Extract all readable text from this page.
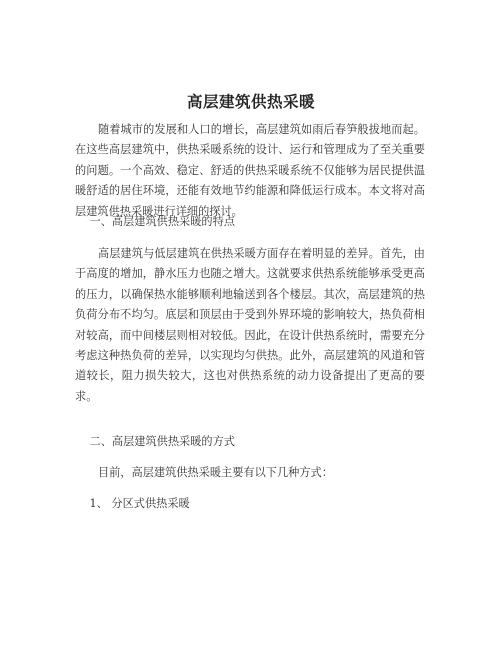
高层建筑供热采暖
随着城市的发展和人口的增长，高层建筑如雨后春笋般拔地而起。在这些高层建筑中，供热采暖系统的设计、运行和管理成为了至关重要的问题。一个高效、稳定、舒适的供热采暖系统不仅能够为居民提供温暖舒适的居住环境，还能有效地节约能源和降低运行成本。本文将对高层建筑供热采暖进行详细的探讨。
一、高层建筑供热采暖的特点
高层建筑与低层建筑在供热采暖方面存在着明显的差异。首先，由于高度的增加，静水压力也随之增大。这就要求供热系统能够承受更高的压力，以确保热水能够顺利地输送到各个楼层。其次，高层建筑的热负荷分布不均匀。底层和顶层由于受到外界环境的影响较大，热负荷相对较高，而中间楼层则相对较低。因此，在设计供热系统时，需要充分考虑这种热负荷的差异，以实现均匀供热。此外，高层建筑的风道和管道较长，阻力损失较大，这也对供热系统的动力设备提出了更高的要求。
二、高层建筑供热采暖的方式
目前，高层建筑供热采暖主要有以下几种方式：
1、 分区式供热采暖
